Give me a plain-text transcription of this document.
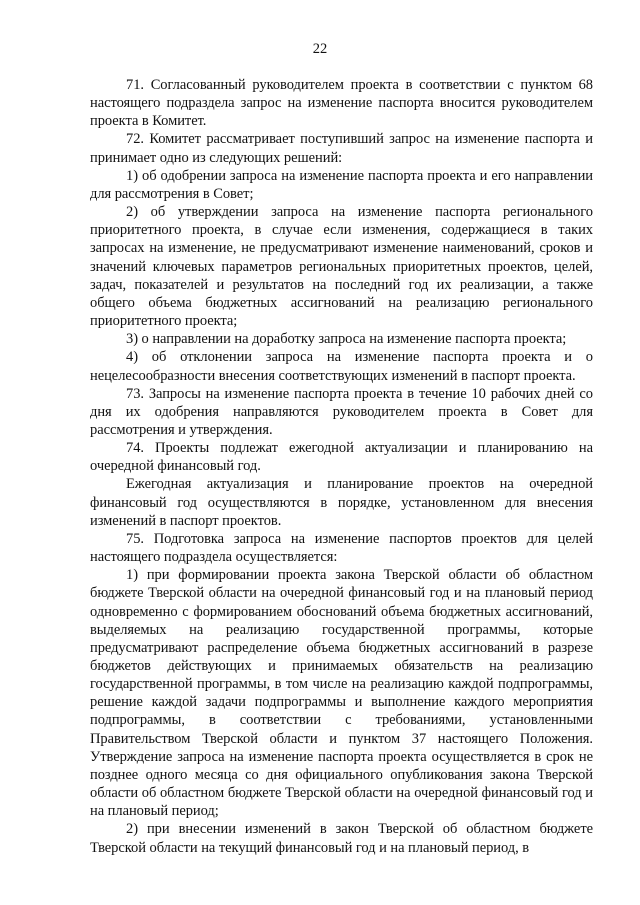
22

71. Согласованный руководителем проекта в соответствии с пунктом 68 настоящего подраздела запрос на изменение паспорта вносится руководителем проекта в Комитет.

72. Комитет рассматривает поступивший запрос на изменение паспорта и принимает одно из следующих решений:

1) об одобрении запроса на изменение паспорта проекта и его направлении для рассмотрения в Совет;

2) об утверждении запроса на изменение паспорта регионального приоритетного проекта, в случае если изменения, содержащиеся в таких запросах на изменение, не предусматривают изменение наименований, сроков и значений ключевых параметров региональных приоритетных проектов, целей, задач, показателей и результатов на последний год их реализации, а также общего объема бюджетных ассигнований на реализацию регионального приоритетного проекта;

3) о направлении на доработку запроса на изменение паспорта проекта;

4) об отклонении запроса на изменение паспорта проекта и о нецелесообразности внесения соответствующих изменений в паспорт проекта.

73. Запросы на изменение паспорта проекта в течение 10 рабочих дней со дня их одобрения направляются руководителем проекта в Совет для рассмотрения и утверждения.

74. Проекты подлежат ежегодной актуализации и планированию на очередной финансовый год.

Ежегодная актуализация и планирование проектов на очередной финансовый год осуществляются в порядке, установленном для внесения изменений в паспорт проектов.

75. Подготовка запроса на изменение паспортов проектов для целей настоящего подраздела осуществляется:

1) при формировании проекта закона Тверской области об областном бюджете Тверской области на очередной финансовый год и на плановый период одновременно с формированием обоснований объема бюджетных ассигнований, выделяемых на реализацию государственной программы, которые предусматривают распределение объема бюджетных ассигнований в разрезе бюджетов действующих и принимаемых обязательств на реализацию государственной программы, в том числе на реализацию каждой подпрограммы, решение каждой задачи подпрограммы и выполнение каждого мероприятия подпрограммы, в соответствии с требованиями, установленными Правительством Тверской области и пунктом 37 настоящего Положения. Утверждение запроса на изменение паспорта проекта осуществляется в срок не позднее одного месяца со дня официального опубликования закона Тверской области об областном бюджете Тверской области на очередной финансовый год и на плановый период;

2) при внесении изменений в закон Тверской об областном бюджете Тверской области на текущий финансовый год и на плановый период, в
